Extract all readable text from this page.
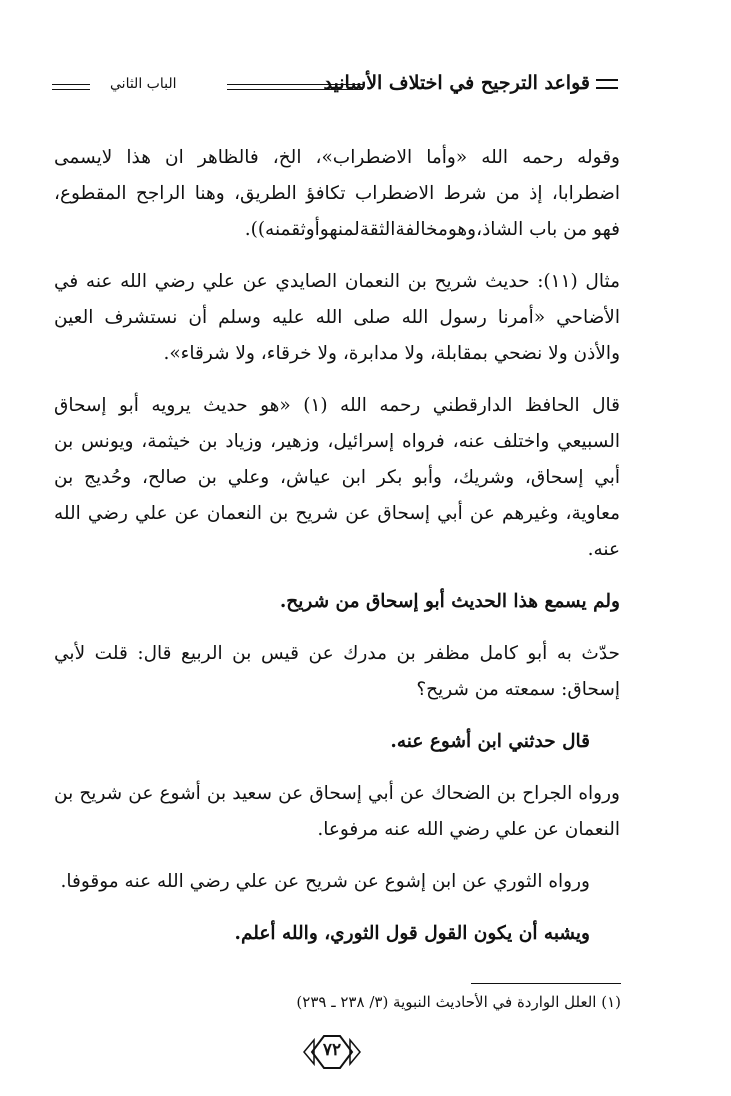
قواعد الترجيح في اختلاف الأسانيد
الباب الثاني

وقوله رحمه الله «وأما الاضطراب»، الخ، فالظاهر ان هذا لايسمى اضطرابا، إذ من شرط الاضطراب تكافؤ الطريق، وهنا الراجح المقطوع، فهو من باب الشاذ،وهومخالفةالثقةلمنهوأوثقمنه)).

مثال (١١): حديث شريح بن النعمان الصايدي عن علي رضي الله عنه في الأضاحي «أمرنا رسول الله صلى الله عليه وسلم أن نستشرف العين والأذن ولا نضحي بمقابلة، ولا مدابرة، ولا خرقاء، ولا شرقاء».

قال الحافظ الدارقطني رحمه الله (١) «هو حديث يرويه أبو إسحاق السبيعي واختلف عنه، فرواه إسرائيل، وزهير، وزياد بن خيثمة، ويونس بن أبي إسحاق، وشريك، وأبو بكر ابن عياش، وعلي بن صالح، وحُديج بن معاوية، وغيرهم عن أبي إسحاق عن شريح بن النعمان عن علي رضي الله عنه.

ولم يسمع هذا الحديث أبو إسحاق من شريح.

حدّث به أبو كامل مظفر بن مدرك عن قيس بن الربيع قال: قلت لأبي إسحاق: سمعته من شريح؟

قال حدثني ابن أشوع عنه.

ورواه الجراح بن الضحاك عن أبي إسحاق عن سعيد بن أشوع عن شريح بن النعمان عن علي رضي الله عنه مرفوعا.

ورواه الثوري عن ابن إشوع عن شريح عن علي رضي الله عنه موقوفا.

ويشبه أن يكون القول قول الثوري، والله أعلم.

(١) العلل الواردة في الأحاديث النبوية (٣/ ٢٣٨ ـ ٢٣٩)
٧٢
